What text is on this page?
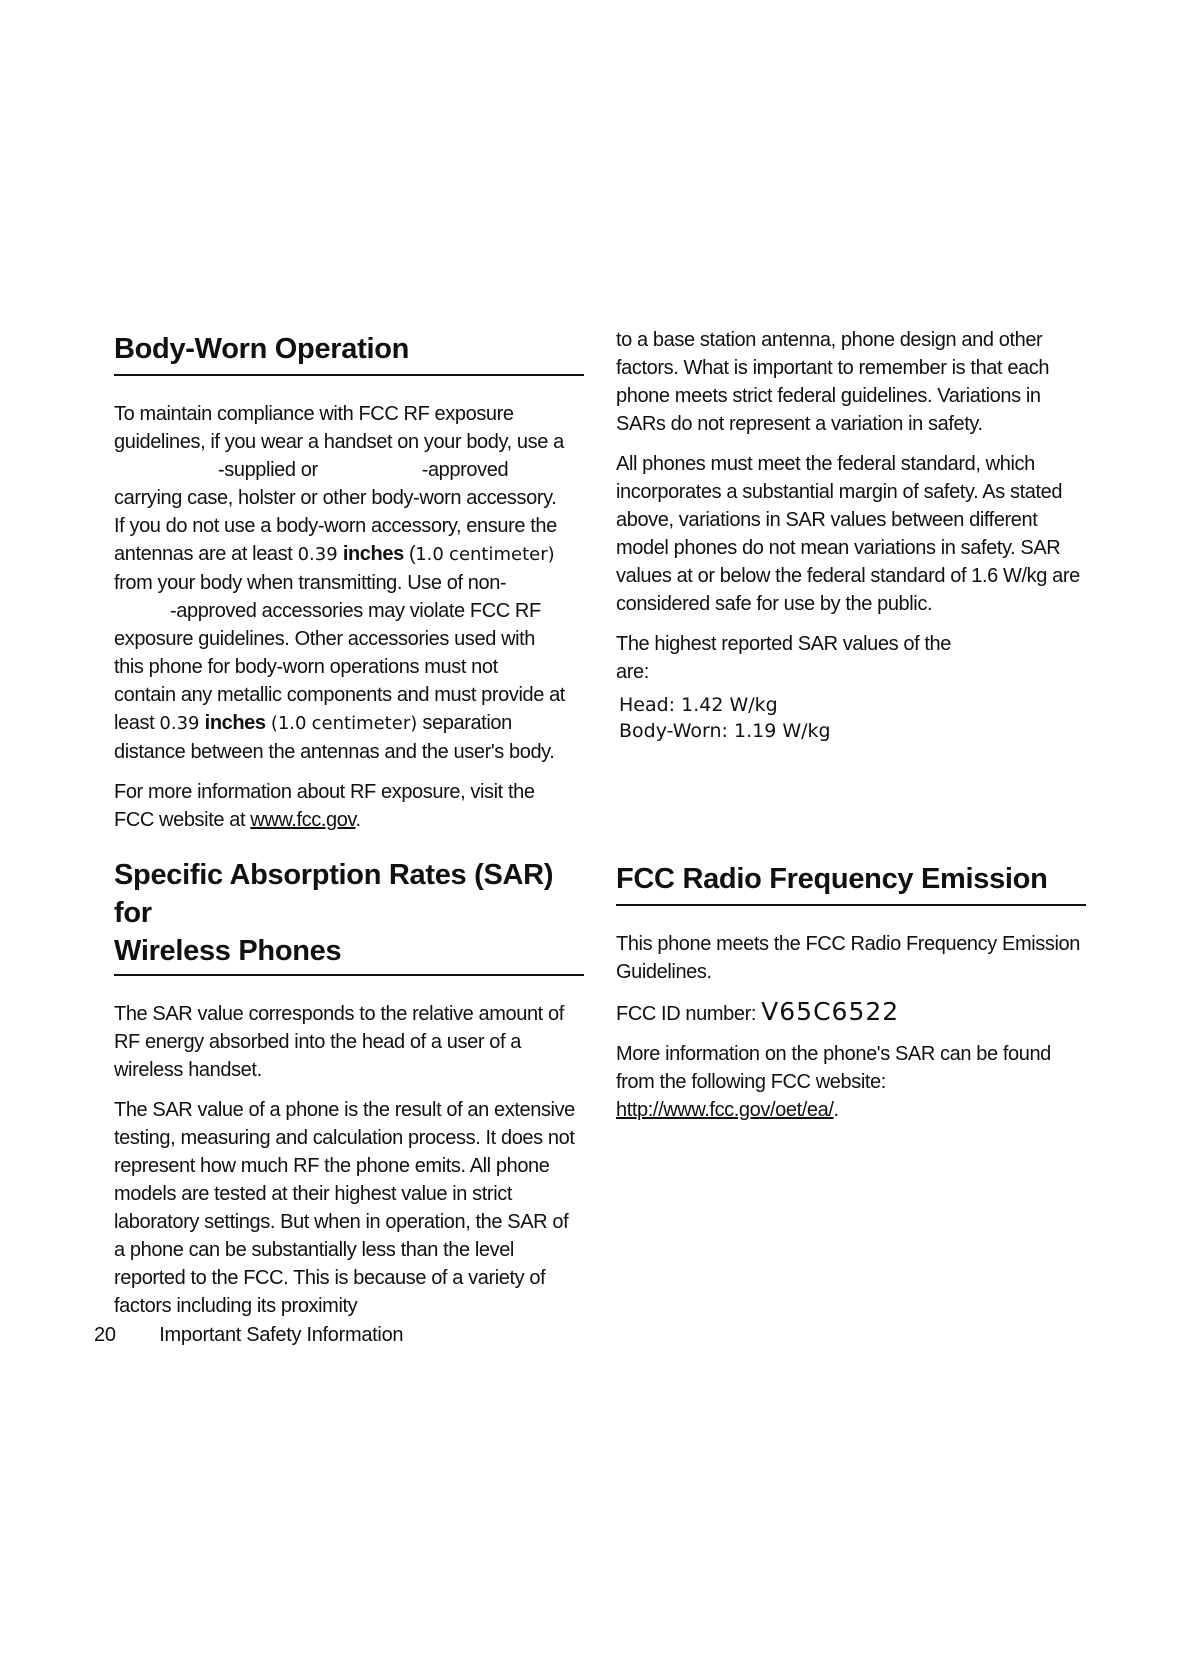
Body-Worn Operation

To maintain compliance with FCC RF exposure
guidelines, if you wear a handset on your body, use a
-supplied or	-approved
carrying case, holster or other body-worn accessory.
If you do not use a body-worn accessory, ensure the
antennas are at least 0.39 inches (1.0 centimeter)
from your body when transmitting. Use of non-
-approved accessories may violate FCC RF
exposure guidelines. Other accessories used with
this phone for body-worn operations must not
contain any metallic components and must provide at
least 0.39 inches (1.0 centimeter) separation
distance between the antennas and the user's body.

For more information about RF exposure, visit the
FCC website at www.fcc.gov.

Specific Absorption Rates (SAR) for
Wireless Phones

The SAR value corresponds to the relative amount of RF energy absorbed into the head of a user of a wireless handset.

The SAR value of a phone is the result of an extensive testing, measuring and calculation process. It does not represent how much RF the phone emits. All phone models are tested at their highest value in strict laboratory settings. But when in operation, the SAR of a phone can be substantially less than the level reported to the FCC. This is because of a variety of factors including its proximity

to a base station antenna, phone design and other factors. What is important to remember is that each phone meets strict federal guidelines. Variations in SARs do not represent a variation in safety.

All phones must meet the federal standard, which incorporates a substantial margin of safety. As stated above, variations in SAR values between different model phones do not mean variations in safety. SAR values at or below the federal standard of 1.6 W/kg are considered safe for use by the public.

The highest reported SAR values of the
are:

Head: 1.42 W/kg

Body-Worn: 1.19 W/kg

FCC Radio Frequency Emission

This phone meets the FCC Radio Frequency Emission Guidelines.

FCC ID number: V65C6522

More information on the phone's SAR can be found
from the following FCC website:
http://www.fcc.gov/oet/ea/.

20 Important Safety Information
